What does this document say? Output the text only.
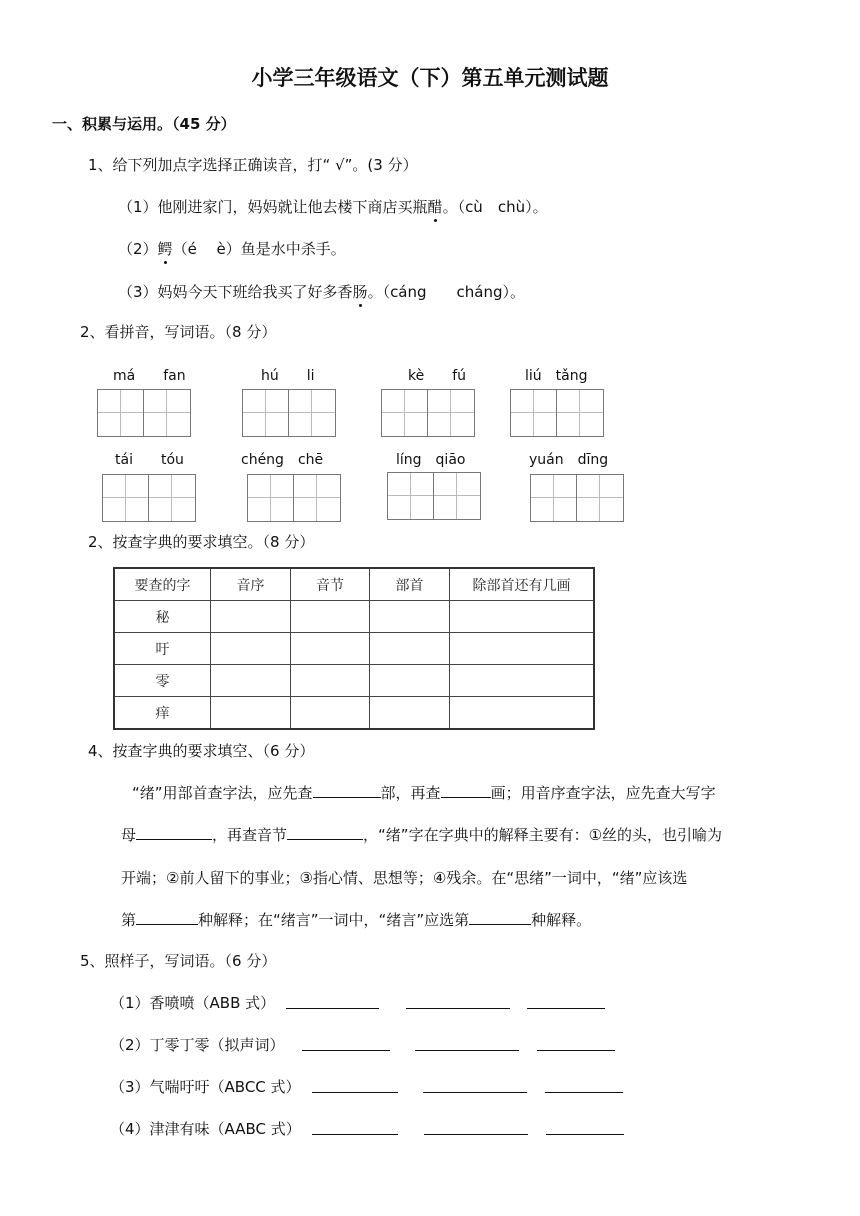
小学三年级语文（下）第五单元测试题
一、积累与运用。（45 分）
1、给下列加点字选择正确读音，打“ √”。(3 分）
（1）他刚进家门，妈妈就让他去楼下商店买瓶醋。（cù　chù）。
（2）鳄（é　 è）鱼是水中杀手。
（3）妈妈今天下班给我买了好多香肠。（cáng　　cháng）。
2、看拼音，写词语。（8 分）
má　　fan	hú　　li	kè　　fú	liú　tǎng
tái　　tóu	chéng　chē	líng　qiāo	yuán　dīng
2、按查字典的要求填空。（8 分）
要查的字	音序	音节	部首	除部首还有几画
秘				
吁				
零				
痒				
4、按查字典的要求填空、（6 分）
“绪”用部首查字法，应先查	部，再查	画；用音序查字法，应先查大写字
母	，再查音节	，“绪”字在字典中的解释主要有：①丝的头，也引喻为
开端；②前人留下的事业；③指心情、思想等；④残余。在“思绪”一词中，“绪”应该选
第	种解释；在“绪言”一词中，“绪言”应选第	种解释。
5、照样子，写词语。（6 分）
（1）香喷喷（ABB 式）
（2）丁零丁零（拟声词）
（3）气喘吁吁（ABCC 式）
（4）津津有味（AABC 式）
